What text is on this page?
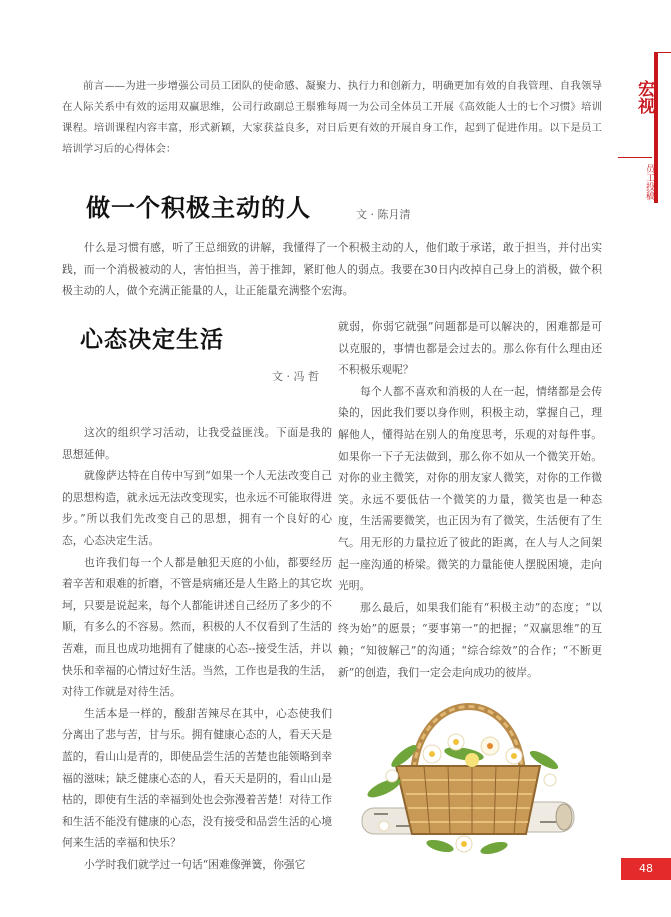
宏视
员工投稿

前言——为进一步增强公司员工团队的使命感、凝聚力、执行力和创新力，明确更加有效的自我管理、自我领导在人际关系中有效的运用双赢思维，公司行政副总王鬃雅每周一为公司全体员工开展《高效能人士的七个习惯》培训课程。培训课程内容丰富，形式新颖，大家获益良多，对日后更有效的开展自身工作，起到了促进作用。以下是员工培训学习后的心得体会：

做一个积极主动的人	文 · 陈月清

什么是习惯有感，听了王总细致的讲解，我懂得了一个积极主动的人，他们敢于承诺，敢于担当，并付出实践，而一个消极被动的人，害怕担当，善于推卸，紧盯他人的弱点。我要在30日内改掉自己身上的消极，做个积极主动的人，做个充满正能量的人，让正能量充满整个宏海。

心态决定生活

文 · 冯 哲

这次的组织学习活动，让我受益匪浅。下面是我的思想延伸。

就像萨达特在自传中写到“如果一个人无法改变自己的思想构造，就永远无法改变现实，也永远不可能取得进步。”所以我们先改变自己的思想，拥有一个良好的心态，心态决定生活。

也许我们每一个人都是触犯天庭的小仙，都要经历着辛苦和艰难的折磨，不管是病痛还是人生路上的其它坎坷，只要是说起来，每个人都能讲述自己经历了多少的不顺，有多么的不容易。然而，积极的人不仅看到了生活的苦难，而且也成功地拥有了健康的心态--接受生活，并以快乐和幸福的心情过好生活。当然，工作也是我的生活，对待工作就是对待生活。

生活本是一样的，酸甜苦辣尽在其中，心态使我们分离出了悲与苦，甘与乐。拥有健康心态的人，看天天是蓝的，看山山是青的，即使品尝生活的苦楚也能领略到幸福的滋味；缺乏健康心态的人，看天天是阴的，看山山是枯的，即使有生活的幸福到处也会弥漫着苦楚！对待工作和生活不能没有健康的心态，没有接受和品尝生活的心境何来生活的幸福和快乐？

小学时我们就学过一句话“困难像弹簧，你强它

就弱，你弱它就强”问题都是可以解决的，困难都是可以克服的，事情也都是会过去的。那么你有什么理由还不积极乐观呢？

每个人都不喜欢和消极的人在一起，情绪都是会传染的，因此我们要以身作则，积极主动，掌握自己，理解他人，懂得站在别人的角度思考，乐观的对每件事。如果你一下子无法做到，那么你不如从一个微笑开始。对你的业主微笑，对你的朋友家人微笑，对你的工作微笑。永远不要低估一个微笑的力量，微笑也是一种态度，生活需要微笑，也正因为有了微笑，生活便有了生气。用无形的力量拉近了彼此的距离，在人与人之间架起一座沟通的桥梁。微笑的力量能使人摆脱困境，走向光明。

那么最后，如果我们能有“积极主动”的态度；“以终为始”的愿景；“要事第一”的把握；“双赢思维”的互赖；“知彼解己”的沟通；“综合综效”的合作；“不断更新”的创造，我们一定会走向成功的彼岸。

48
